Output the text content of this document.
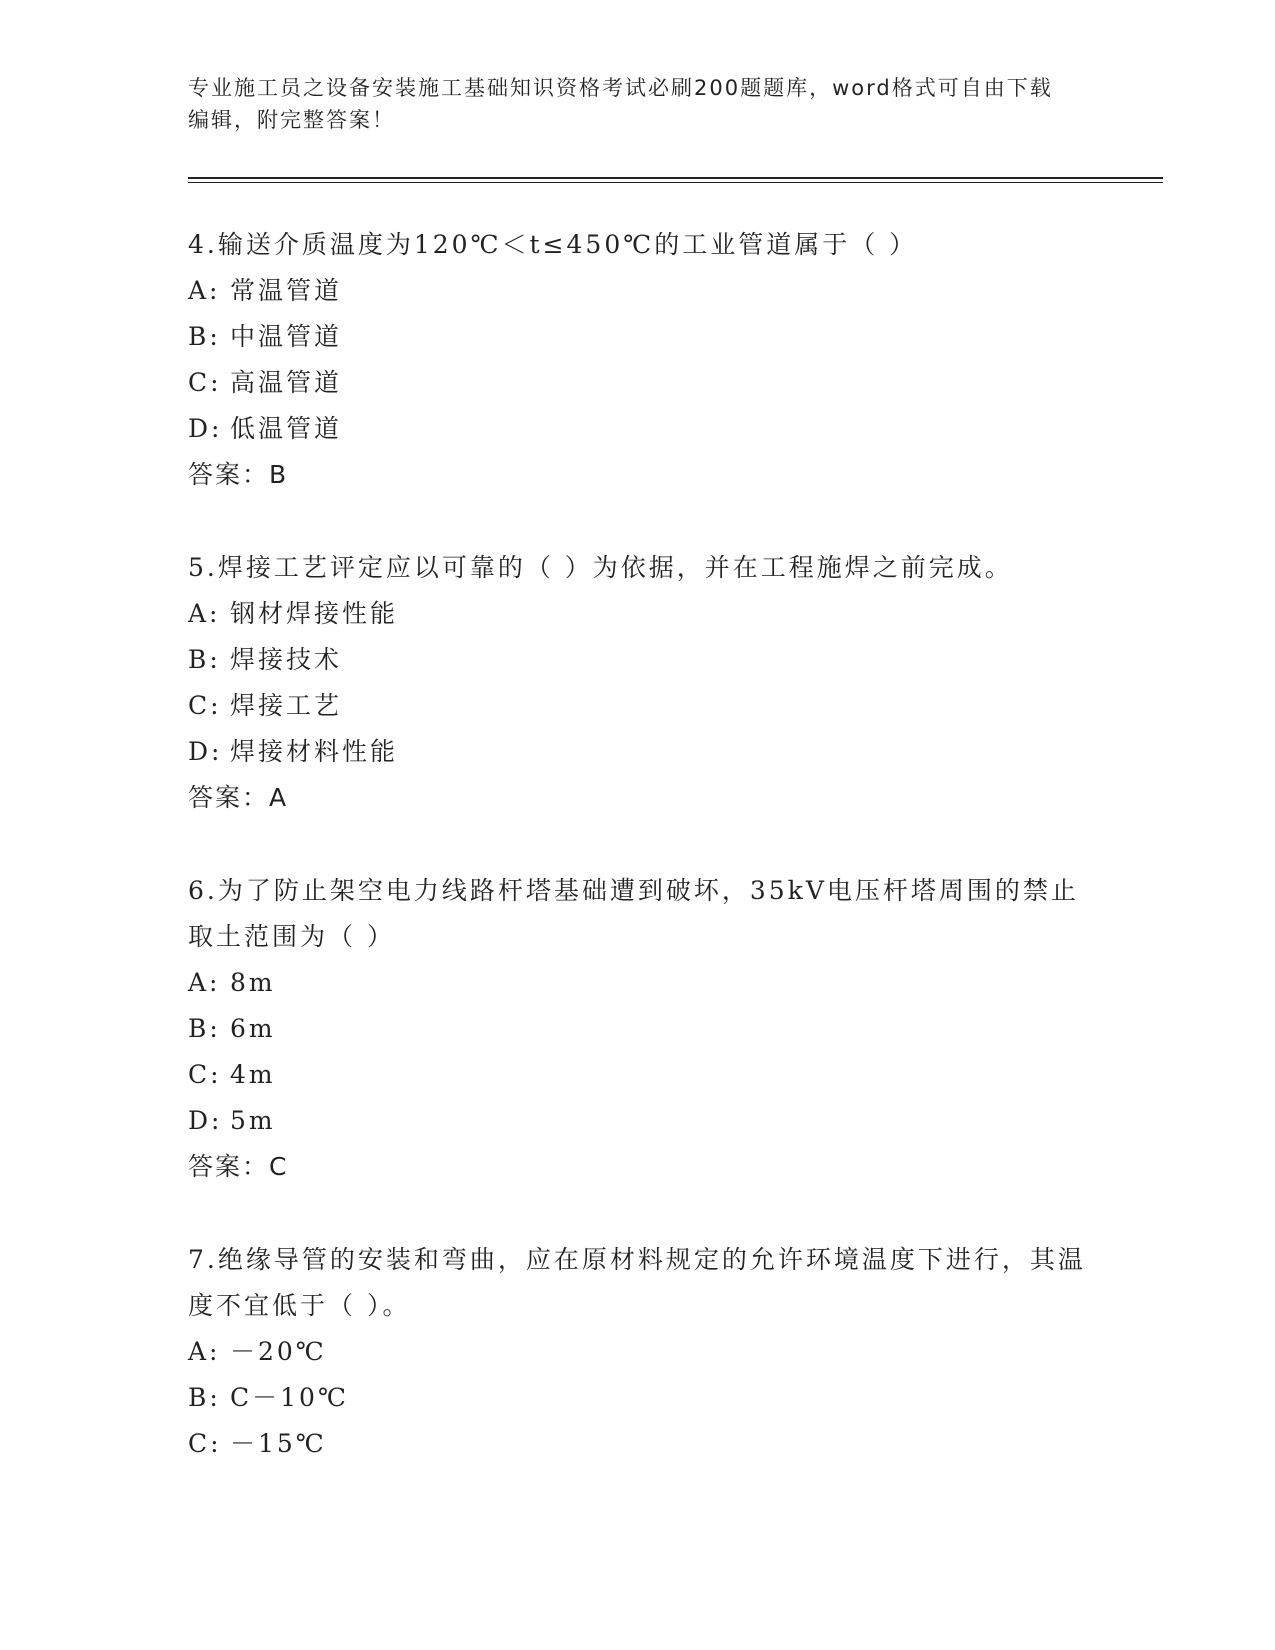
专业施工员之设备安装施工基础知识资格考试必刷200题题库，word格式可自由下载编辑，附完整答案！

4.输送介质温度为120℃＜t≤450℃的工业管道属于（ ）

A: 常温管道

B: 中温管道

C: 高温管道

D: 低温管道

答案：B

5.焊接工艺评定应以可靠的（ ）为依据，并在工程施焊之前完成。

A: 钢材焊接性能

B: 焊接技术

C: 焊接工艺

D: 焊接材料性能

答案：A

6.为了防止架空电力线路杆塔基础遭到破坏，35kV电压杆塔周围的禁止取土范围为（ ）

A: 8m

B: 6m

C: 4m

D: 5m

答案：C

7.绝缘导管的安装和弯曲，应在原材料规定的允许环境温度下进行，其温度不宜低于（ ）。

A: －20℃

B: C－10℃

C: －15℃
